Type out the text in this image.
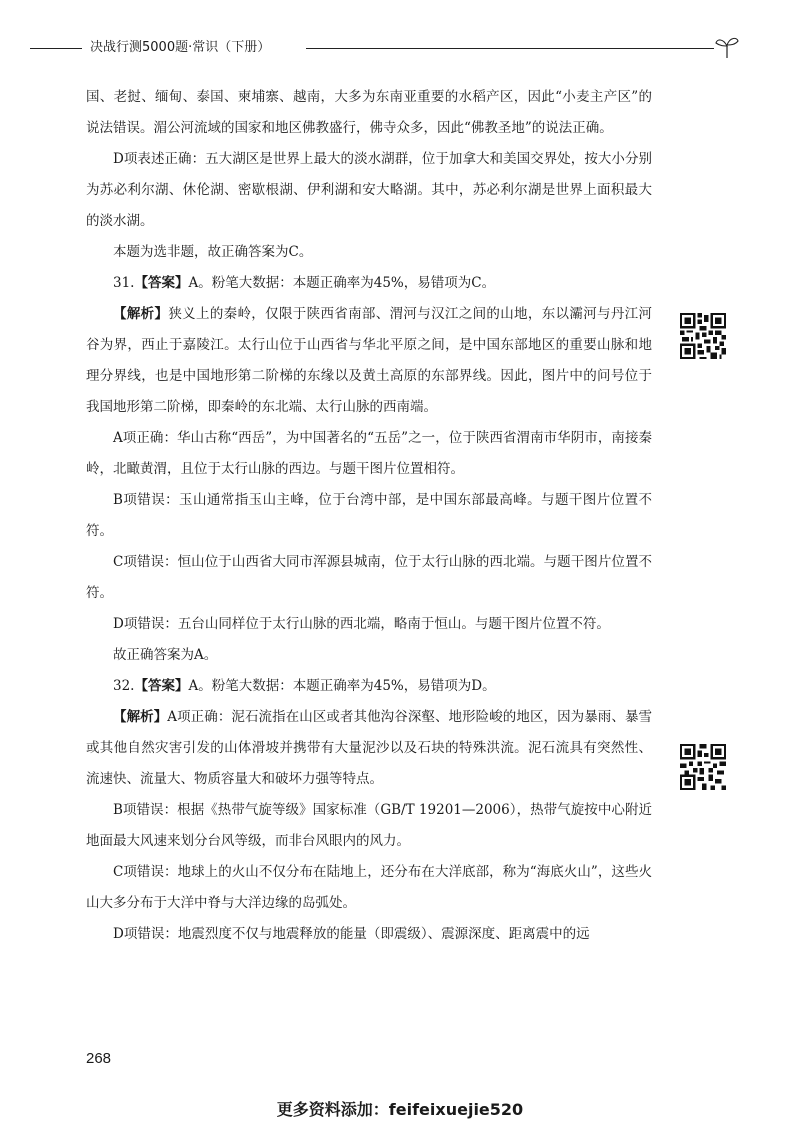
决战行测5000题·常识（下册）

国、老挝、缅甸、泰国、柬埔寨、越南，大多为东南亚重要的水稻产区，因此“小麦主产区”的说法错误。湄公河流域的国家和地区佛教盛行，佛寺众多，因此“佛教圣地”的说法正确。

D项表述正确：五大湖区是世界上最大的淡水湖群，位于加拿大和美国交界处，按大小分别为苏必利尔湖、休伦湖、密歇根湖、伊利湖和安大略湖。其中，苏必利尔湖是世界上面积最大的淡水湖。

本题为选非题，故正确答案为C。

31.【答案】A。粉笔大数据：本题正确率为45%，易错项为C。

【解析】狭义上的秦岭，仅限于陕西省南部、渭河与汉江之间的山地，东以灞河与丹江河谷为界，西止于嘉陵江。太行山位于山西省与华北平原之间，是中国东部地区的重要山脉和地理分界线，也是中国地形第二阶梯的东缘以及黄土高原的东部界线。因此，图片中的问号位于我国地形第二阶梯，即秦岭的东北端、太行山脉的西南端。

A项正确：华山古称“西岳”，为中国著名的“五岳”之一，位于陕西省渭南市华阴市，南接秦岭，北瞰黄渭，且位于太行山脉的西边。与题干图片位置相符。

B项错误：玉山通常指玉山主峰，位于台湾中部，是中国东部最高峰。与题干图片位置不符。

C项错误：恒山位于山西省大同市浑源县城南，位于太行山脉的西北端。与题干图片位置不符。

D项错误：五台山同样位于太行山脉的西北端，略南于恒山。与题干图片位置不符。

故正确答案为A。

32.【答案】A。粉笔大数据：本题正确率为45%，易错项为D。

【解析】A项正确：泥石流指在山区或者其他沟谷深壑、地形险峻的地区，因为暴雨、暴雪或其他自然灾害引发的山体滑坡并携带有大量泥沙以及石块的特殊洪流。泥石流具有突然性、流速快、流量大、物质容量大和破坏力强等特点。

B项错误：根据《热带气旋等级》国家标准（GB/T 19201—2006），热带气旋按中心附近地面最大风速来划分台风等级，而非台风眼内的风力。

C项错误：地球上的火山不仅分布在陆地上，还分布在大洋底部，称为“海底火山”，这些火山大多分布于大洋中脊与大洋边缘的岛弧处。

D项错误：地震烈度不仅与地震释放的能量（即震级）、震源深度、距离震中的远

268
更多资料添加：feifeixuejie520
